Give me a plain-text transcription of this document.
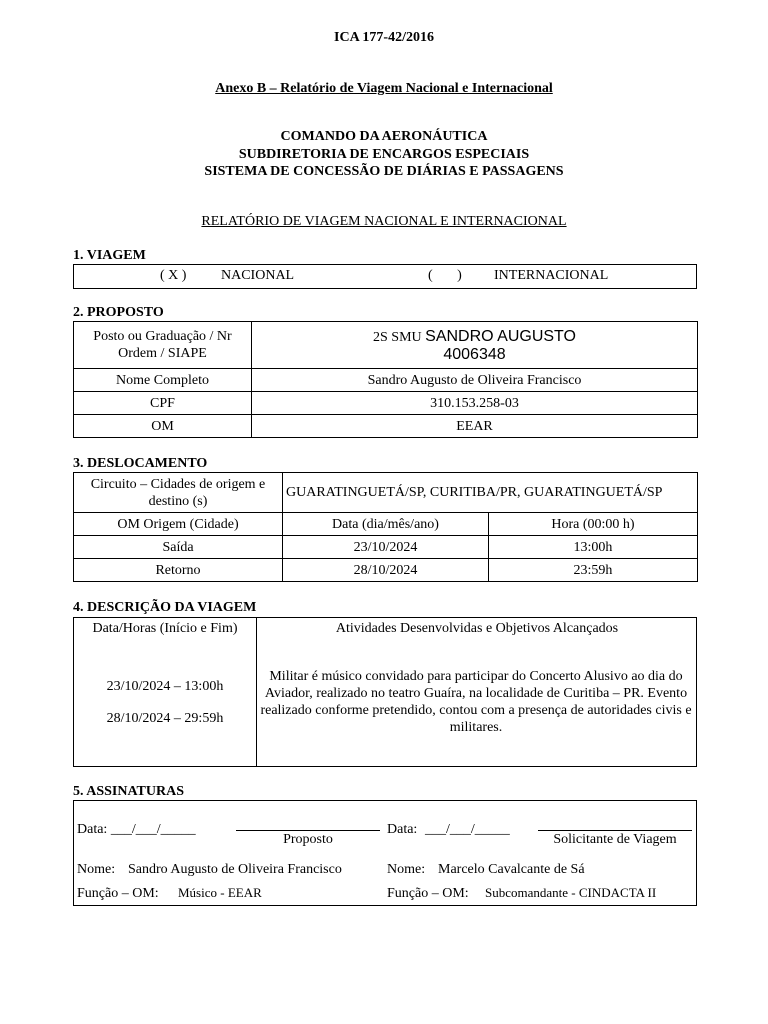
ICA 177-42/2016
Anexo B – Relatório de Viagem Nacional e Internacional
COMANDO DA AERONÁUTICA
SUBDIRETORIA DE ENCARGOS ESPECIAIS
SISTEMA DE CONCESSÃO DE DIÁRIAS E PASSAGENS
RELATÓRIO DE VIAGEM NACIONAL E INTERNACIONAL
1. VIAGEM
( X ) NACIONAL	(       ) INTERNACIONAL
2. PROPOSTO
Posto ou Graduação / Nr Ordem / SIAPE	2S SMU SANDRO AUGUSTO
4006348

Nome Completo	Sandro Augusto de Oliveira Francisco
CPF	310.153.258-03
OM	EEAR
3. DESLOCAMENTO
Circuito – Cidades de origem e destino (s)	GUARATINGUETÁ/SP, CURITIBA/PR, GUARATINGUETÁ/SP	
OM Origem (Cidade)	Data (dia/mês/ano)	Hora (00:00 h)
Saída	23/10/2024	13:00h
Retorno	28/10/2024	23:59h
4. DESCRIÇÃO DA VIAGEM
Data/Horas (Início e Fim)	Atividades Desenvolvidas e Objetivos Alcançados
23/10/2024 – 13:00h
28/10/2024 – 29:59h
Militar é músico convidado para participar do Concerto Alusivo ao dia do Aviador, realizado no teatro Guaíra, na localidade de Curitiba – PR. Evento realizado conforme pretendido, contou com a presença de autoridades civis e militares.
5. ASSINATURAS
Data: ___/___/_____
Proposto
Nome: Sandro Augusto de Oliveira Francisco
Função – OM: Músico - EEAR
Data: ___/___/_____
Solicitante de Viagem
Nome: Marcelo Cavalcante de Sá
Função – OM: Subcomandante - CINDACTA II
